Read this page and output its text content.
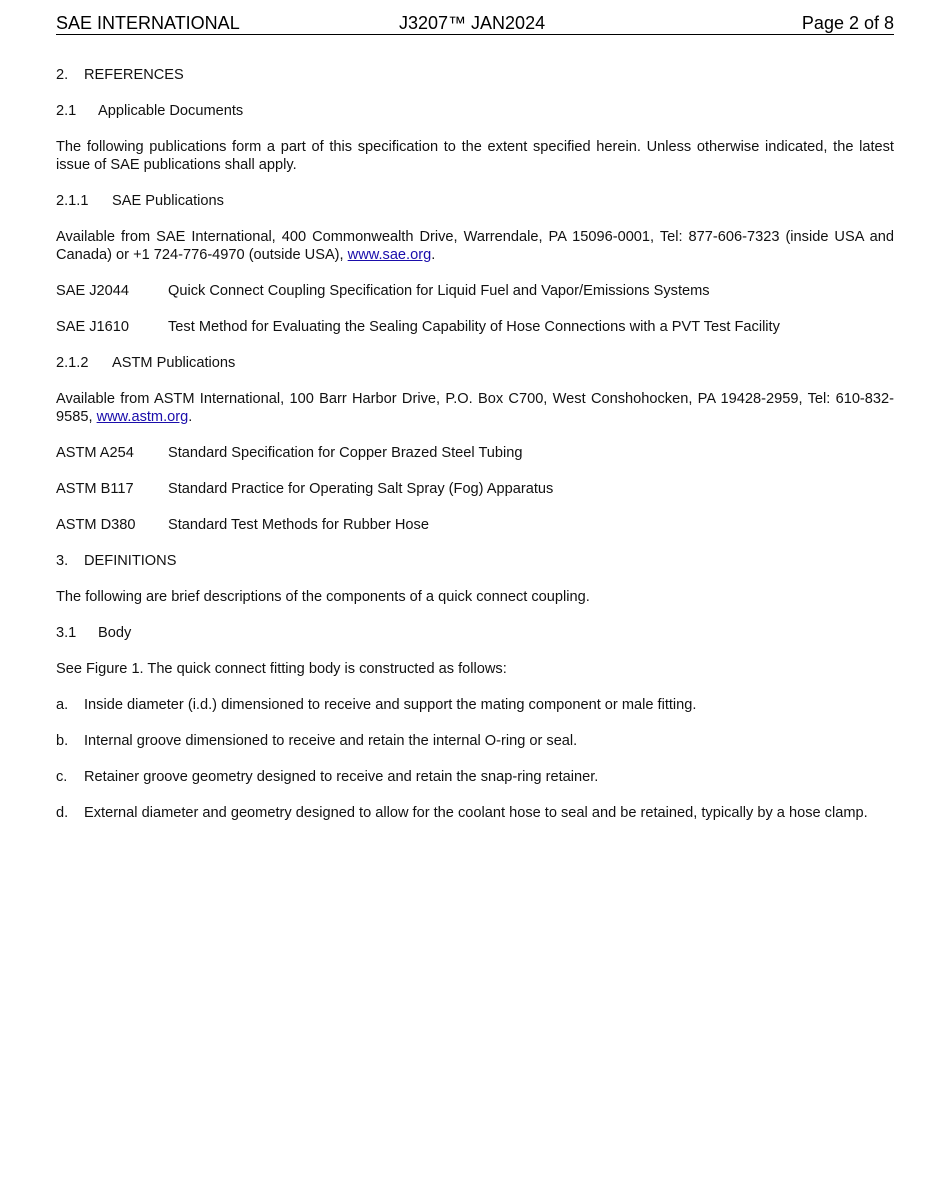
SAE INTERNATIONAL	J3207™ JAN2024	Page 2 of 8
2. REFERENCES
2.1 Applicable Documents

The following publications form a part of this specification to the extent specified herein. Unless otherwise indicated, the latest issue of SAE publications shall apply.

2.1.1 SAE Publications

Available from SAE International, 400 Commonwealth Drive, Warrendale, PA 15096-0001, Tel: 877-606-7323 (inside USA and Canada) or +1 724-776-4970 (outside USA), www.sae.org.

SAE J2044	Quick Connect Coupling Specification for Liquid Fuel and Vapor/Emissions Systems
SAE J1610	Test Method for Evaluating the Sealing Capability of Hose Connections with a PVT Test Facility
2.1.2 ASTM Publications

Available from ASTM International, 100 Barr Harbor Drive, P.O. Box C700, West Conshohocken, PA 19428-2959, Tel: 610-832-9585, www.astm.org.

ASTM A254 Standard Specification for Copper Brazed Steel Tubing
ASTM B117 Standard Practice for Operating Salt Spray (Fog) Apparatus
ASTM D380 Standard Test Methods for Rubber Hose
3. DEFINITIONS

The following are brief descriptions of the components of a quick connect coupling.

3.1 Body

See Figure 1. The quick connect fitting body is constructed as follows:

a. Inside diameter (i.d.) dimensioned to receive and support the mating component or male fitting.
b. Internal groove dimensioned to receive and retain the internal O-ring or seal.
c. Retainer groove geometry designed to receive and retain the snap-ring retainer.
d. External diameter and geometry designed to allow for the coolant hose to seal and be retained, typically by a hose clamp.
